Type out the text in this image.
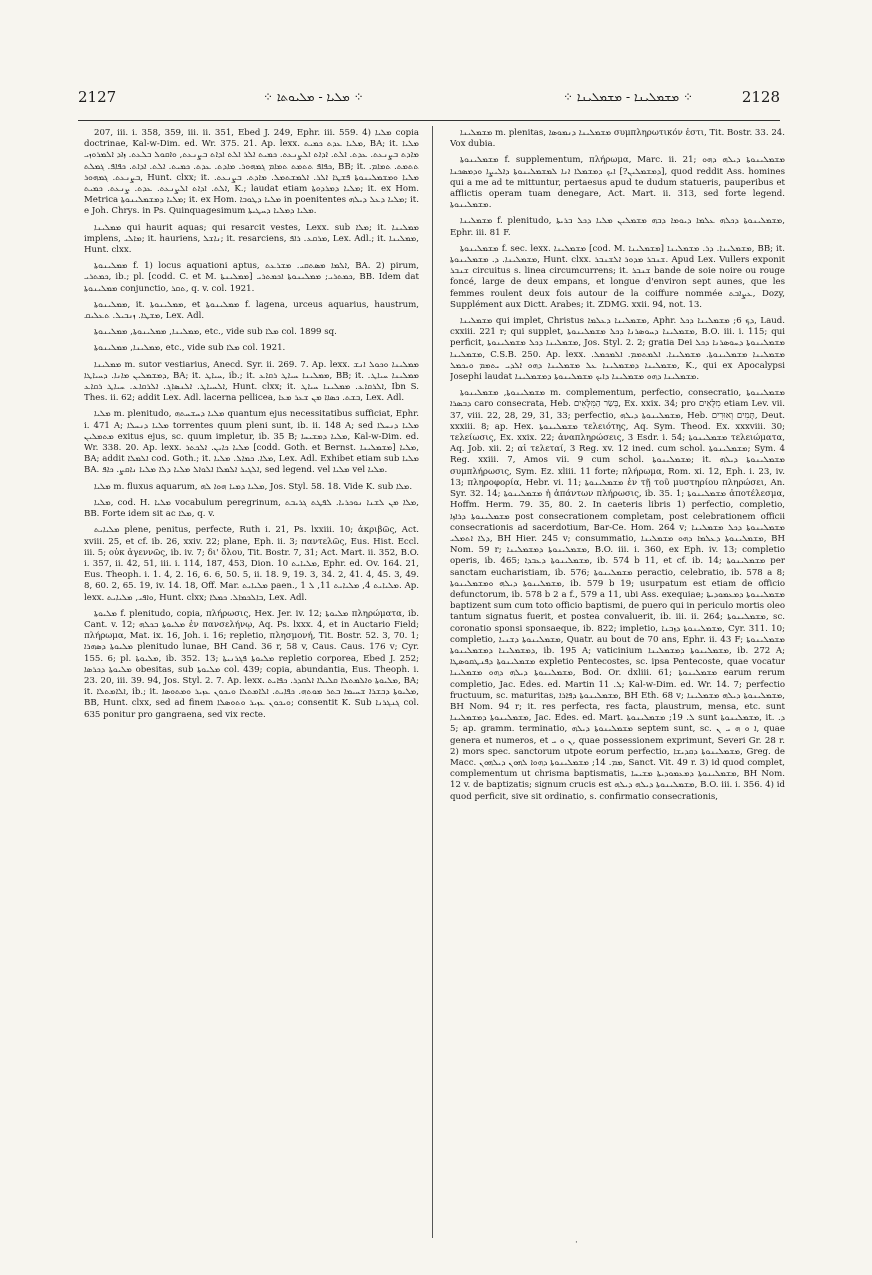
2127	⁘ ܡܠܝܐ - ܡܠܝܘܬܐ ⁘	⁘ ܡܫܡܠܝܢܐ - ܡܫܡܠܝܢܐ ⁘	2128

207, iii. i. 358, 359, iii. ii. 351, Ebed J. 249, Ephr. iii. 559. 4) ܡܠܝܐ copia doctrinae, Kal-w-Dim. ed. Wr. 375. 21. Ap. lexx. ܡܠܝܐ ܥܕܬ ܟܡܝܬ, BA; it. ܡܠܝܐ ܡܐܕܬ ܒܨܢܥܬ. ܥܕܬ. ܐܠܬ. ܐܕܐܬ ܐܠܨܢܥܬ. ܟܡܝܬ ܐܠܪ ܐܠܬ ܐܕܐܬ ܒܨܢܥܬ, ܘܐܩܘܠ ܒܠܥܬ. ܙܐܕ ܐܠܡܪܘܙܝ ܟܦܐܦ ܬܬܡܬ ܬܡܐܡ ܓܡܗܘܪ. ܡܐܕܬ. ܥܕܬ. ܟܡܝܬ. ܐܠܬ. ܐܕܐܬ. ܟܦܐܦ. ܓܡܠܬ, BB; it. ܬܬܡܬ. ܬܡܐܡ. ܒܨܢܥܬ. ܓܡܗܘܪ, Hunt. clxx; it. ܡܠܝܐ ܘܡܫܡܠܝܢܘܬܐ ܦܫܛܐ ܐܠܪ. ܐܠܡܫܬܡܠ. ܡܐܕܬ. ܒܨܢܥܬ. ܐܠܬ. ܐܕܐܬ ܐܠܨܢܥܬ. ܥܕܬ. ܨܢܥܬ. ܟܡܝܬ, K.; laudat etiam ܡܠܝܐ ܕܡܪܕܘܬܐ; it. ex Hom. Metrica ܡܠܝܐ ܕܡܫܡܠܝܢܘܬܐ; it. ex Hom. ܡܠܝܐ ܕܛܘܒܐ in poenitentes ܡܠܝܐ ܕܥܠ ܕܝܠܗ; it. e Joh. Chrys. in Ps. Quinquagesimum ܡܠܝܐ ܕܡܠܝܐ ܕܚܛܝܬܐ.

ܡܡܠܝܢܐ qui haurit aquas; qui resarcit vestes, Lexx. sub ܡܠܐ; it. ܡܡܠܝܢܐ implens, ܡܐܠܝ; it. hauriens, ܢܐܫܠ; it. resarciens, ܡܪܩܥ. ܪܐܦ, Lex. Adl.; it. ܡܡܠܝܢܐ, Hunt. clxx.

ܡܡܠܝܢܘܬܐ f. 1) locus aquationi aptus, ܐܠܡܐ ܡܣܬܩܝ. ܡܫܪܥܬ, BA. 2) pirum, ܟܡܬܪܝ, ib.; pl. [codd. C. et M. ܡܡܠܝܢܬܐ] ܟܡܬܪܝ; ܡܡܠܝܢܘܬܐ ܐܟܡܬܪܝ, BB. Idem dat ܡܡܠܝܢܘܬܐ conjunctio, ܬܩܪ, q. v. col. 1921.

ܡܡܠܝܢܘܬܐ, it. ܡܡܠܝܢܘܬܐ, et ܡܡܠܝܢܘܬܐ f. lagena, urceus aquarius, haustrum, ܡܫܛܐ. ܙܢܒܝܠ. ܬܥܠܝܩ, Lex. Adl.

ܡܡܠܝܢܐ, ܡܡܠܝܢܘܬܐ, ܡܡܠܝܢܘܬܐ, etc., vide sub ܡܠܐ col. 1899 sq.

ܡܡܠܝܢܐ, ܡܡܠܝܢܘܬܐ, etc., vide sub ܡܠܐ col. 1921.

ܡܡܠܝܢܐ m. sutor vestiarius, Anecd. Syr. ii. 269. 7. Ap. lexx. ܡܡܠܝܢܐ ܘܟܘܠ ܐܢܫ ܕܡܫܡܠܝܢ ܡܐܢܐ. ܕܚܝܐܛܐ, BA; it. ܚܝܐܛ, ib.; it. ܡܡܠܝܢܐ ܚܝܐܛ ܪܩܐܥ, BB; it. ܡܡܠܝܢܐ ܚܝܐܛ. ܐܠܚܝܐܛ. ܐܠܢܣܐܓ. ܐܠܪܩܐܥ. ܚܝܐܛ ܪܩܐܥ, Hunt. clxx; it. ܐܠܪܩܐܥ. ܡܡܠܝܢܐ ܚܝܐܛ, Ibn S. Thes. ii. 62; addit Lex. Adl. lacerna pellicea, ܒܫܬ. ܟܣܐܐ ܡܢ ܫܥܪ ܡܥܐ, Lex. Adl.

ܡܠܝܐ m. plenitudo, ܡܠܝܐ ܕܚܫܚܬܗ quantum ejus necessitatibus sufficiat, Ephr. i. 471 A; ܡܠܝܐ ܕܢܚܠܐ torrentes quum pleni sunt, ib. ii. 148 A; sed ܡܠܝܐ ܕܢܚܠܐ ܡܬܡܠܝܢ exitus ejus, sc. quum impletur, ib. 35 B; ܡܠܝܐ ܕܡܫܝܚܐ, Kal-w-Dim. ed. Wr. 338. 20. Ap. lexx. ܡܠܝܐ ܟܐܝܢ. ܐܠܟܬܪ [codd. Goth. et Bernst. ܡܫܡܠܝܢܐ] ܡܠܝܐ, BA; addit ܐܠܡܠܐ cod. Goth.; it. ܡܠܐ. ܟܡܐܠ. ܡܠܝܐ, Lex. Adl. Exhibet etiam sub ܡܠܝܐ BA. ܐܠܓܝܪ ܐܠܡܠܐ ܐܠܘܐܠ ܡܠܝܐ ܕܠܐ ܡܠܝܐ ܢܐܩܨ. ܟܐܦ, sed legend. vel ܡܠܝܐ vel ܡܠܝܐ.

ܡܠܝܐ m. fluxus aquarum, ܡܠܝܐ ܕܡܝܐ ܗܘܐ ܠܗ, Jos. Styl. 58. 18. Vide K. sub ܡܠܐ.

ܡܠܝܐ, cod. H. ܡܠܝܐ vocabulum peregrinum, ܡܠܐ ܡܢ ܠܫܢܐ ܢܘܟܪܝܐ. ܠܦܛܬ ܓܪܝܒܬ, BB. Forte idem sit ac ܡܠܐ, q. v.

ܡܠܝܐܝܬ plene, penitus, perfecte, Ruth i. 21, Ps. lxxiii. 10; ἀκριβῶς, Act. xviii. 25, et cf. ib. 26, xxiv. 22; plane, Eph. ii. 3; παντελῶς, Eus. Hist. Eccl. iii. 5; οὐκ ἀγεννῶς, ib. iv. 7; δι' ὅλου, Tit. Bostr. 7, 31; Act. Mart. ii. 352, B.O. i. 357, ii. 42, 51, iii. i. 114, 187, 453, Dion. ܡܠܝܐܝܬ 10, Ephr. ed. Ov. 164. 21, Eus. Theoph. i. 1. 4, 2. 16, 6. 6, 50. 5, ii. 18. 9, 19. 3, 34. 2, 41. 4, 45. 3, 49. 8, 60. 2, 65. 19, iv. 14. 18, Off. Mar. ܡܠܝܐܝܬ paen., ܡܠܝܐܝܬ 4, ܡܠܝܐܝܬ 11, ܠ 1. Ap. lexx. ܘܐܦܝ, ܡܠܝܐܝܬ, Hunt. clxx; ܒܐܠܟܡܐܠ. ܟܡܠܐ, Lex. Adl.

ܡܠܝܘܬܐ f. plenitudo, copia, πλήρωσις, Hex. Jer. iv. 12; ܡܠܝܘܬܐ πληρώματα, ib. Cant. v. 12; ܡܠܝܘܬܐ ܒܟܠܗ ἐν πανσελήνῳ, Aq. Ps. lxxx. 4, et in Auctario Field; πλήρωμα, Mat. ix. 16, Joh. i. 16; repletio, πλησμονή, Tit. Bostr. 52. 3, 70. 1; ܡܠܝܘܬܐ ܕܣܗܪܐ plenitudo lunae, BH Cand. 36 r, 58 v, Caus. Caus. 176 v; Cyr. 155. 6; pl. ܡܠܝܘܬܐ, ib. 352. 13; ܡܠܝܘܬܐ ܦܓܪܢܝܬܐ repletio corporea, Ebed J. 252; ܡܠܝܘܬܐ ܕܟܪܣܐ obesitas, sub ܡܠܝܘܬܐ col. 439; copia, abundantia, Eus. Theoph. i. 23. 20, iii. 39. 94, Jos. Styl. 2. 7. Ap. lexx. ܡܠܝܘܬܐ ܘܐܠܡܬܠܐ ܩܠܝܠܐ ܐܠܩܕܪ. ܟܦܐܝܬ, BA; it. ܐܠܐܡܬܠܐ, ib.; it. ܡܠܝܘܬܐ ܕܒܫܪܐ ܫܚܝܡܐ ܒܬܪ ܡܘܬܗ. ܟܦܐܝܬ. ܐܠܐܡܬܠܐ ܘܝܟܘܢ ܥܙܝܪ ܘܡܬܘܣܐ, BB, Hunt. clxx, sed ad finem ܘܝܟܘܢ ܥܙܝܪ ܘܬܘܣܠܐ; consentit K. Sub ܓܢܓܪܢܐ col. 635 ponitur pro gangraena, sed vix recte.

ܡܫܡܠܝܢܐ m. plenitas, ܡܫܡܠܝܢܐ ܕܢܡܘܣܐ συμπληρωτικόν ἐστι, Tit. Bostr. 33. 24. Vox dubia.

ܡܫܡܠܝܢܘܬܐ f. supplementum, πλήρωμα, Marc. ii. 21; ܡܫܡܠܝܢܘܬܐ ܕܝܠܗ ܕܗܘ [ܕܡܫܡܠܝܢ?] ܐܝܟ ܕܡܫܡܠܐ ܐܢܐ ܠܡܫܡܠܝܢܘܬܐ ܕܐܠܝܨܐ ܘܕܡܣܟܢܐ, quod reddit Ass. homines qui a me ad te mittuntur, pertaesus apud te dudum statueris, pauperibus et afflictis operam tuam denegare, Act. Mart. ii. 313, sed forte legend. ܡܫܡܠܝܢܘܬܐ.

ܡܫܡܠܝܢܐ f. plenitudo, ܡܫܡܠܝܢܘܬܐ ܕܟܠܗ ܥܠܡܐ ܕܝܘܡܐ ܕܒܗ ܡܫܡܠܝܢ ܡܠܝܐ ܕܟܠ ܒܪܝܬܐ, Ephr. iii. 81 F.

ܡܫܡܠܝܢܘܬܐ f. sec. lexx. ܡܫܡܠܝܢܐ [cod. M. ܡܫܡܠܝܢܐ] ܡܫܡܠܝܢܐ. ܕܪ. ܡܫܡܠܝܢܐ, BB; it. ܡܫܡܠܝܢܐ. ܕ. ܡܫܡܠܝܢܘܬܐ, Hunt. clxx. ܫܢܒܪ ܡܕܘܪ ܐܠܫܢܒܪ. Apud Lex. Vullers exponit ܫܢܒܪ circuitus s. linea circumcurrens; it. ܫܢܒܪ bande de soie noire ou rouge foncé, large de deux empans, et longue d'environ sept aunes, que les femmes roulent deux fois autour de la coiffure nommée ܥܨܐܒܬ, Dozy, Supplément aux Dictt. Arabes; it. ZDMG. xxii. 94, not. 13.

ܡܫܡܠܝܢܐ qui implet, Christus ܡܫܡܠܝܢܐ ܕܥܠܡܐ, Aphr. ܕܟ 6; ܡܫܡܠܝܢܐ ܕܟܠ, Laud. cxxiii. 221 r; qui supplet, ܡܫܡܠܝܢܐ ܕܚܘܣܪܢܐ ܕܟܠ ܡܫܡܠܝܢܘܬܐ, B.O. iii. i. 115; qui perficit, ܡܫܡܠܝܢܐ ܕܟܠ ܡܫܡܠܝܢܘܬܐ, Jos. Styl. 2. 2; gratia Dei ܡܫܡܠܝܢܘܬܐ ܕܚܘܣܪܢܐ ܕܟܠ ܡܫܡܠܝܢܐ, C.S.B. 250. Ap. lexx. ܡܫܡܠܝܢܐ ܡܫܡܠܝܢܘܬܐ. ܡܫܡܠܝܢܐ. ܐܠܡܬܡܡ. ܐܠܡܟܡܠ. ܡܫܡܠܝܢܐ ܕܡܫܡܠܝܢܐ ܥܠ ܡܫܡܠܝܢܐ ܕܗܘ ܐܠܕܝ ܝܬܡܡ ܘܝܟܡܠ, K., qui ex Apocalypsi Josephi laudat ܡܫܡܠܝܢܐ ܕܗܘ ܡܫܡܠܝܢܐ ܕܐܝܟ ܡܫܡܠܝܢܘܬܐ ܕܡܫܡܠܝܢܐ.

ܡܫܡܠܝܢܘܬܐ, ܡܫܡܠܝܢܘܬܐ m. complementum, perfectio, consecratio, ܡܫܡܠܝܢܘܬܐ ܕܒܣܪܐ caro consecrata, Heb. בְּשַׂר הַמִּלֻּאִים, Ex. xxix. 34; pro מִלֻּאִים etiam Lev. vii. 37, viii. 22, 28, 29, 31, 33; perfectio, ܡܫܡܠܝܢܘܬܐ ܕܝܠܗ, Heb. תָּמִים וְאוּרִים, Deut. xxxiii. 8; ap. Hex. ܡܫܡܠܝܢܘܬܐ τελειότης, Aq. Sym. Theod. Ex. xxxviii. 30; τελείωσις, Ex. xxix. 22; ἀναπληρώσεις, 3 Esdr. i. 54; ܡܫܡܠܝܢܘܬܐ τελειώματα, Aq. Job. xii. 2; αἱ τελεταί, 3 Reg. xv. 12 ined. cum schol. ܡܫܡܠܝܢܘܬܐ; Sym. 4 Reg. xxiii. 7, Amos vii. 9 cum schol. ܡܫܡܠܝܢܘܬܐ; it. ܡܫܡܠܝܢܘܬܐ ܕܝܠܗ συμπλήρωσις, Sym. Ez. xliii. 11 forte; πλήρωμα, Rom. xi. 12, Eph. i. 23, iv. 13; πληροφορία, Hebr. vi. 11; ܡܫܡܠܝܢܘܬܐ ἐν τῇ τοῦ μυστηρίου πληρώσει, An. Syr. 32. 14; ܡܫܡܠܝܢܘܬܐ ἡ ἀπάντων πλήρωσις, ib. 35. 1; ܡܫܡܠܝܢܘܬܐ ἀποτέλεσμα, Hoffm. Herm. 79. 35, 80. 2. In caeteris libris 1) perfectio, completio, ܡܫܡܠܝܢܘܬܐ ܕܪܐܙܐ post consecrationem completam, post celebrationem officii consecrationis ad sacerdotium, Bar-Ce. Hom. 264 v; ܡܫܡܠܝܢܘܬܐ ܕܟܠ ܡܫܡܠܝܢܐ ܕܠܐ ܐܬܡܠܝ, BH Hier. 245 v; consummatio, ܡܫܡܠܝܢܘܬܐ ܕܥܠܡܐ ܕܗܘ ܡܫܡܠܝܢܐ, BH Nom. 59 r; ܡܫܡܠܝܢܘܬܐ ܕܡܫܡܠܝܢܐ, B.O. iii. i. 360, ex Eph. iv. 13; completio operis, ib. 465; ܡܫܡܠܝܢܘܬܐ ܕܥܒܕܐ, ib. 574 b 11, et cf. ib. 14; ܡܫܡܠܝܢܘܬܐ per sanctam eucharistiam, ib. 576; ܡܫܡܠܝܢܘܬܐ peractio, celebratio, ib. 578 a 8; ܡܫܡܠܝܢܘܬܐ ܕܝܠܗ ܘܡܫܡܠܝܢܘܬܐ, ib. 579 b 19; usurpatum est etiam de officio defunctorum, ib. 578 b 2 a f., 579 a 11, ubi Ass. exequiae; ܡܫܡܠܝܢܘܬܐ ܕܡܥܡܘܕܝܬܐ baptizent sum cum toto officio baptismi, de puero qui in periculo mortis oleo tantum signatus fuerit, et postea convaluerit, ib. iii. ii. 264; ܡܫܡܠܝܢܘܬܐ, sc. coronatio sponsi sponsaeque, ib. 822; impletio, ܡܫܡܠܝܢܘܬܐ ܕܙܒܢܐ, Cyr. 311. 10; completio, ܡܫܡܠܝܢܘܬܐ ܕܫܢܝܐ, Quatr. au bout de 70 ans, Ephr. ii. 43 F; ܡܫܡܠܝܢܘܬܐ ܕܡܫܡܠܝܢܐ ܕܡܫܡܠܝܢܘܬܐ, ib. 195 A; vaticinium ܡܫܡܠܝܢܘܬܐ ܕܡܫܡܠܝܢܐ, ib. 272 A; ܡܫܡܠܝܢܘܬܐ ܕܦܢܛܩܘܣܛܐ expletio Pentecostes, sc. ipsa Pentecoste, quae vocatur ܡܫܡܠܝܢܘܬܐ ܕܝܠܗ ܕܗܘ ܡܫܡܠܝܢܐ, Bod. Or. dxliii. 61; ܡܫܡܠܝܢܘܬܐ earum rerum completio, Jac. Edes. ed. Martin ܠ. 11; Kal-w-Dim. ed. Wr. 14. 7; perfectio fructuum, sc. maturitas, ܡܫܡܠܝܢܘܬܐ ܕܦܐܪܐ, BH Eth. 68 v; ܡܫܡܠܝܢܘܬܐ ܕܝܠܗ ܡܫܡܠܝܢܐ, BH Nom. 94 r; it. res perfecta, res facta, plaustrum, mensa, etc. sunt ܡܫܡܠܝܢܘܬܐ ܕܡܫܡܠܝܢܐ, Jac. Edes. ed. Mart. ܠ. 19; ܡܫܡܠܝܢܘܬܐ sunt ܡܫܡܠܝܢܘܬܐ, it. ܕ. 5; ap. gramm. terminatio, ܡܫܡܠܝܢܘܬܐ ܕܝܠܗ septem sunt, sc. ܐ ܘ ܗ ܝ ܢ, quae genera et numeros, et ܢ ܘ ܝ, quae possessionem exprimunt, Severi Gr. 28 r. 2) mors spec. sanctorum utpote eorum perfectio, ܡܫܡܠܝܢܘܬܐ ܕܩܕܝܫܐ, Greg. de Macc. ܡܡ. 14; ܡܫܡܠܝܢܘܬܐ ܕܗܘܐ ܠܗܘܢ ܕܝܠܗܘܢ, Sanct. Vit. 49 r. 3) id quod complet, complementum ut chrisma baptismatis, ܡܫܡܠܝܢܘܬܐ ܕܡܥܡܘܕܝܬܐ ܡܫܝܚܐ, BH Nom. 12 v. de baptizatis; signum crucis est ܡܫܡܠܝܢܘܬܐ ܕܝܠܗ ܕܝܠܗ, B.O. iii. i. 356. 4) id quod perficit, sive sit ordinatio, s. confirmatio consecrationis,

·
